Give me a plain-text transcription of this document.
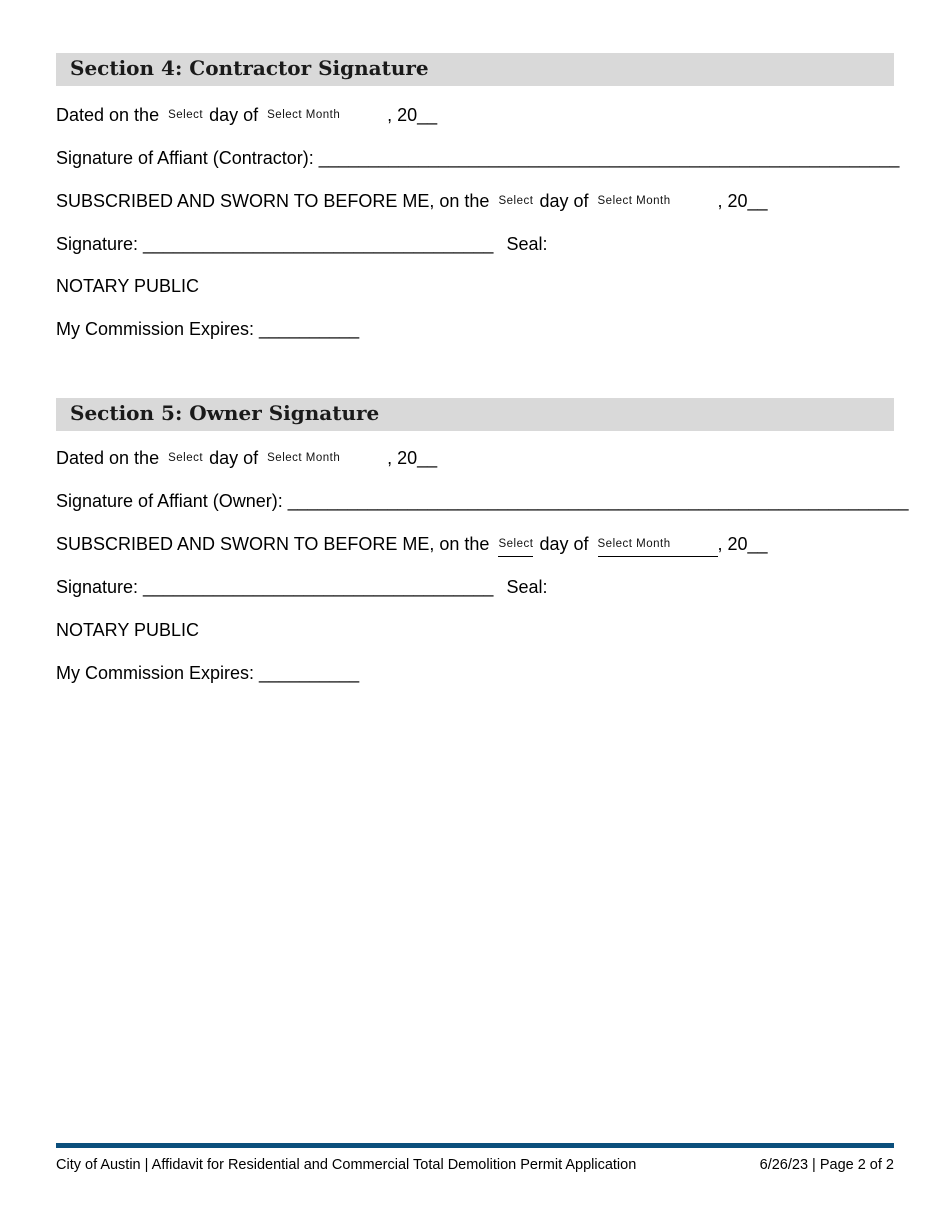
Section 4: Contractor Signature
Dated on the Select day of Select Month	, 20__
Signature of Affiant (Contractor): __________________________________________________________
SUBSCRIBED AND SWORN TO BEFORE ME, on the Select day of Select Month	, 20__
Signature: ___________________________________ Seal:
NOTARY PUBLIC
My Commission Expires: __________
Section 5: Owner Signature
Dated on the Select day of Select Month	, 20__
Signature of Affiant (Owner): ______________________________________________________________
SUBSCRIBED AND SWORN TO BEFORE ME, on the Select day of Select Month	, 20__
Signature: ___________________________________ Seal:
NOTARY PUBLIC
My Commission Expires: __________
City of Austin | Affidavit for Residential and Commercial Total Demolition Permit Application	6/26/23 | Page 2 of 2
